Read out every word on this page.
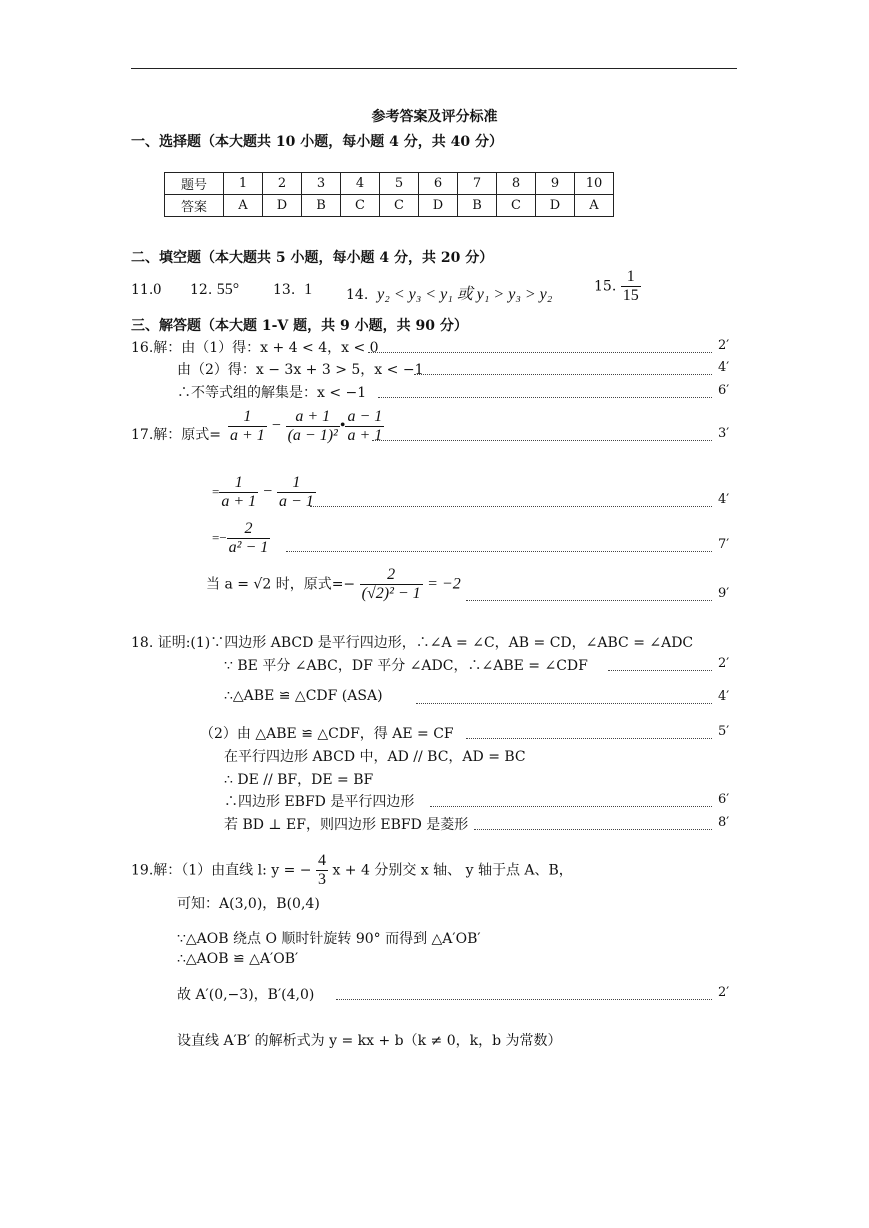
参考答案及评分标准
一、选择题（本大题共 10 小题，每小题 4 分，共 40 分）
题号	1	2	3	4	5	6	7	8	9	10
答案	A	D	B	C	C	D	B	C	D	A
二、填空题（本大题共 5 小题，每小题 4 分，共 20 分）
11.0 12. 55° 13. 1 14. y₂ < y₃ < y₁ 或 y₁ > y₃ > y₂	15. $\frac{1}{15}$
三、解答题（本大题 1-V 题，共 9 小题，共 90 分）
16.解：由（1）得：x + 4 < 4，x < 0	2′
由（2）得：x − 3x + 3 > 5，x < −1	4′
∴不等式组的解集是：x < −1	6′
17.解：原式= $\frac{1}{a + 1} - \frac{a + 1}{\text{(a − 1)²}}$ • $\frac{a - 1}{a + 1}$	3′
= $\frac{1}{a + 1} - \frac{1}{a - 1}$	4′
=− $\frac{2}{\text{a² − 1}}$	7′
当 a = √2 时，原式=− $\frac{2}{\text{(√2)² − 1}} = -2$
9′
18. 证明:(1)∵四边形 ABCD 是平行四边形，∴∠A = ∠C，AB = CD，∠ABC = ∠ADC
∵ BE 平分 ∠ABC，DF 平分 ∠ADC，∴∠ABE = ∠CDF	2′
∴△ABE ≌ △CDF (ASA)	4′
（2）由 △ABE ≌ △CDF，得 AE = CF	5′
在平行四边形 ABCD 中，AD // BC，AD = BC
∴ DE // BF，DE = BF
∴四边形 EBFD 是平行四边形	6′
若 BD ⊥ EF，则四边形 EBFD 是菱形	8′
19.解：（1）由直线 l: y = − $\frac{4}{3}$ x + 4 分别交 x 轴、 y 轴于点 A、B，
可知：A(3,0)，B(0,4)
∵△AOB 绕点 O 顺时针旋转 90° 而得到 △A′OB′
∴△AOB ≌ △A′OB′
故 A′(0,−3)，B′(4,0)	2′
设直线 A′B′ 的解析式为 y = kx + b（k ≠ 0，k，b 为常数）
